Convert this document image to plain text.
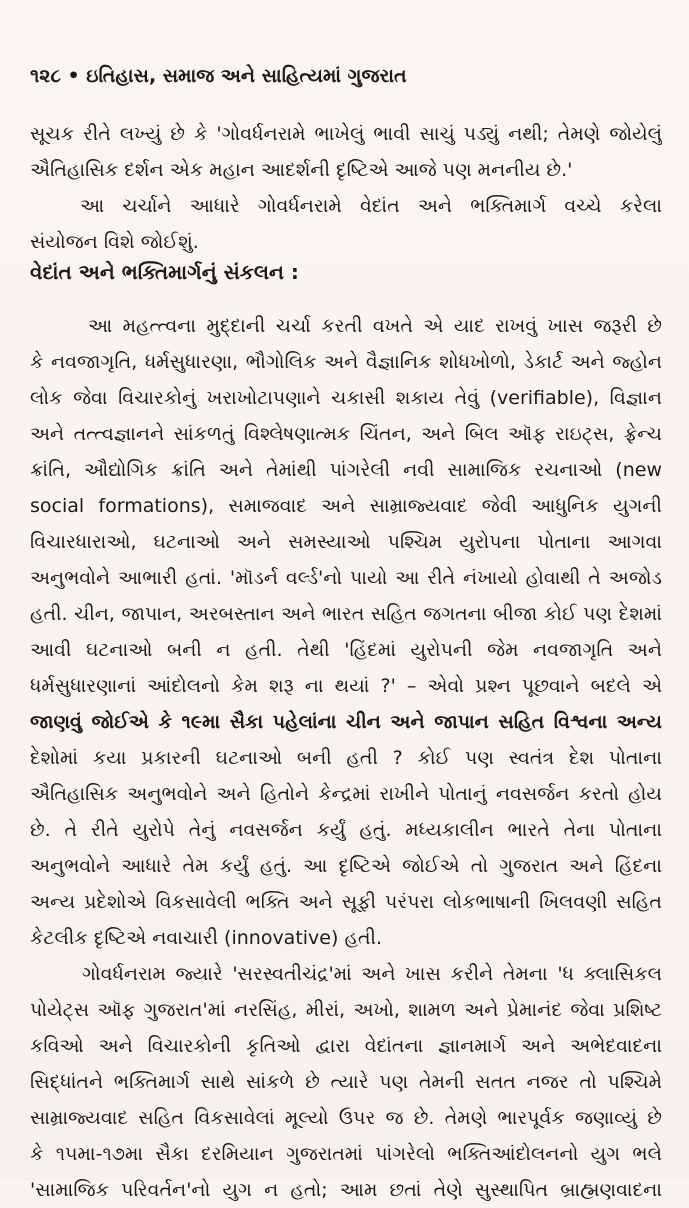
૧૨૮ • ઇતિહાસ, સમાજ અને સાહિત્યમાં ગુજરાત
સૂચક રીતે લખ્યું છે કે 'ગોવર્ધનરામે ભાખેલું ભાવી સાચું પડ્યું નથી; તેમણે જોયેલું
ઐતિહાસિક દર્શન એક મહાન આદર્શની દૃષ્ટિએ આજે પણ મનનીય છે.'
આ ચર્ચાને આધારે ગોવર્ધનરામે વેદાંત અને ભક્તિમાર્ગ વચ્ચે કરેલા
સંયોજન વિશે જોઈશું.
વેદાંત અને ભક્તિમાર્ગનું સંકલન :
આ મહત્ત્વના મુદ્દાની ચર્ચા કરતી વખતે એ યાદ રાખવું ખાસ જરૂરી છે
કે નવજાગૃતિ, ધર્મસુધારણા, ભૌગોલિક અને વૈજ્ઞાનિક શોધખોળો, ડેકાર્ટ અને જ્હોન
લોક જેવા વિચારકોનું ખરાખોટાપણાને ચકાસી શકાય તેવું (verifiable), વિજ્ઞાન
અને તત્ત્વજ્ઞાનને સાંકળતું વિશ્લેષણાત્મક ચિંતન, અને બિલ ઑફ રાઇટ્સ, ફ્રેન્ચ
ક્રાંતિ, ઔદ્યોગિક ક્રાંતિ અને તેમાંથી પાંગરેલી નવી સામાજિક રચનાઓ (new
social formations), સમાજવાદ અને સામ્રાજ્યવાદ જેવી આધુનિક યુગની
વિચારધારાઓ, ઘટનાઓ અને સમસ્યાઓ પશ્ચિમ યુરોપના પોતાના આગવા
અનુભવોને આભારી હતાં. 'મૉડર્ન વર્લ્ડ'નો પાયો આ રીતે નંખાયો હોવાથી તે અજોડ
હતી. ચીન, જાપાન, અરબસ્તાન અને ભારત સહિત જગતના બીજા કોઈ પણ દેશમાં
આવી ઘટનાઓ બની ન હતી. તેથી 'હિંદમાં યુરોપની જેમ નવજાગૃતિ અને
ધર્મસુધારણાનાં આંદોલનો કેમ શરૂ ના થયાં ?' – એવો પ્રશ્ન પૂછવાને બદલે એ
જાણવું જોઈએ કે ૧૯મા સૈકા પહેલાંના ચીન અને જાપાન સહિત વિશ્વના અન્ય
દેશોમાં કયા પ્રકારની ઘટનાઓ બની હતી ? કોઈ પણ સ્વતંત્ર દેશ પોતાના
ઐતિહાસિક અનુભવોને અને હિતોને કેન્દ્રમાં રાખીને પોતાનું નવસર્જન કરતો હોય
છે. તે રીતે યુરોપે તેનું નવસર્જન કર્યું હતું. મધ્યકાલીન ભારતે તેના પોતાના
અનુભવોને આધારે તેમ કર્યું હતું. આ દૃષ્ટિએ જોઈએ તો ગુજરાત અને હિંદના
અન્ય પ્રદેશોએ વિકસાવેલી ભક્તિ અને સૂફી પરંપરા લોકભાષાની ખિલવણી સહિત
કેટલીક દૃષ્ટિએ નવાચારી (innovative) હતી.
ગોવર્ધનરામ જ્યારે 'સરસ્વતીચંદ્ર'માં અને ખાસ કરીને તેમના 'ધ ક્લાસિકલ
પોયેટ્સ ઑફ ગુજરાત'માં નરસિંહ, મીરાં, અખો, શામળ અને પ્રેમાનંદ જેવા પ્રશિષ્ટ
કવિઓ અને વિચારકોની કૃતિઓ દ્વારા વેદાંતના જ્ઞાનમાર્ગ અને અભેદવાદના
સિદ્ધાંતને ભક્તિમાર્ગ સાથે સાંકળે છે ત્યારે પણ તેમની સતત નજર તો પશ્ચિમે
સામ્રાજ્યવાદ સહિત વિકસાવેલાં મૂલ્યો ઉપર જ છે. તેમણે ભારપૂર્વક જણાવ્યું છે
કે ૧૫મા-૧૭મા સૈકા દરમિયાન ગુજરાતમાં પાંગરેલો ભક્તિઆંદોલનનો યુગ ભલે
'સામાજિક પરિવર્તન'નો યુગ ન હતો; આમ છતાં તેણે સુસ્થાપિત બ્રાહ્મણવાદના
